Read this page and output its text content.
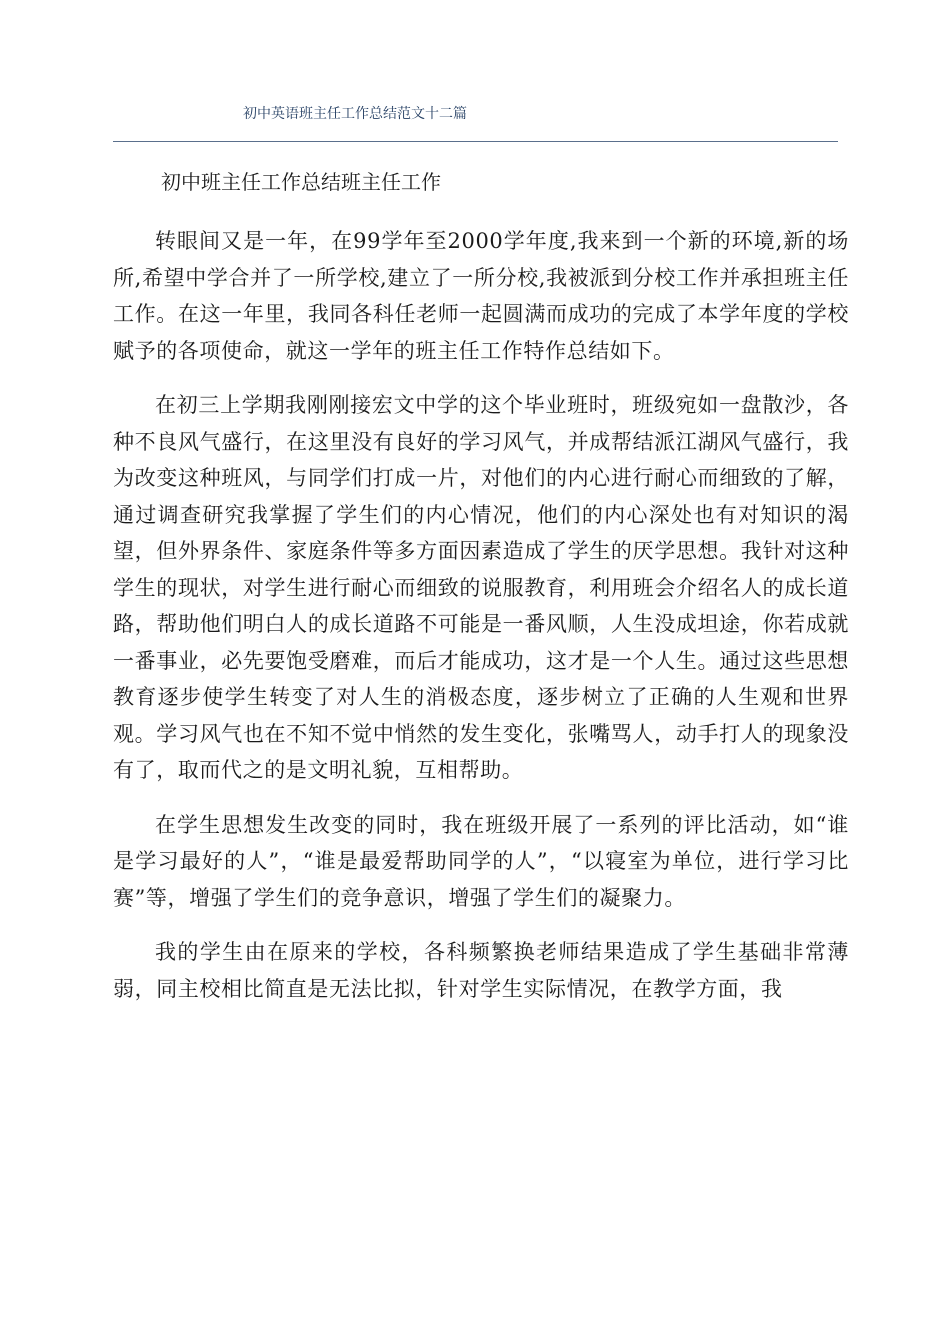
初中英语班主任工作总结范文十二篇
初中班主任工作总结班主任工作

转眼间又是一年，在99学年至2000学年度,我来到一个新的环境,新的场所,希望中学合并了一所学校,建立了一所分校,我被派到分校工作并承担班主任工作。在这一年里，我同各科任老师一起圆满而成功的完成了本学年度的学校赋予的各项使命，就这一学年的班主任工作特作总结如下。

在初三上学期我刚刚接宏文中学的这个毕业班时，班级宛如一盘散沙，各种不良风气盛行，在这里没有良好的学习风气，并成帮结派江湖风气盛行，我为改变这种班风，与同学们打成一片，对他们的内心进行耐心而细致的了解，通过调查研究我掌握了学生们的内心情况，他们的内心深处也有对知识的渴望，但外界条件、家庭条件等多方面因素造成了学生的厌学思想。我针对这种学生的现状，对学生进行耐心而细致的说服教育，利用班会介绍名人的成长道路，帮助他们明白人的成长道路不可能是一番风顺，人生没成坦途，你若成就一番事业，必先要饱受磨难，而后才能成功，这才是一个人生。通过这些思想教育逐步使学生转变了对人生的消极态度，逐步树立了正确的人生观和世界观。学习风气也在不知不觉中悄然的发生变化，张嘴骂人，动手打人的现象没有了，取而代之的是文明礼貌，互相帮助。

在学生思想发生改变的同时，我在班级开展了一系列的评比活动，如“谁是学习最好的人”，“谁是最爱帮助同学的人”，“以寝室为单位，进行学习比赛”等，增强了学生们的竞争意识，增强了学生们的凝聚力。

我的学生由在原来的学校，各科频繁换老师结果造成了学生基础非常薄弱，同主校相比简直是无法比拟，针对学生实际情况，在教学方面，我
